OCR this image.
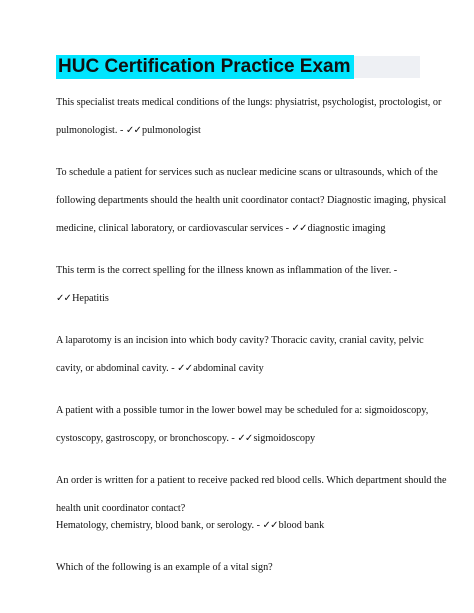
HUC Certification Practice Exam
This specialist treats medical conditions of the lungs: physiatrist, psychologist, proctologist, or
pulmonologist. - ✓✓pulmonologist
To schedule a patient for services such as nuclear medicine scans or ultrasounds, which of the
following departments should the health unit coordinator contact? Diagnostic imaging, physical
medicine, clinical laboratory, or cardiovascular services - ✓✓diagnostic imaging
This term is the correct spelling for the illness known as inflammation of the liver. -
✓✓Hepatitis
A laparotomy is an incision into which body cavity? Thoracic cavity, cranial cavity, pelvic
cavity, or abdominal cavity. - ✓✓abdominal cavity
A patient with a possible tumor in the lower bowel may be scheduled for a: sigmoidoscopy,
cystoscopy, gastroscopy, or bronchoscopy. - ✓✓sigmoidoscopy
An order is written for a patient to receive packed red blood cells. Which department should the
health unit coordinator contact?
Hematology, chemistry, blood bank, or serology. - ✓✓blood bank
Which of the following is an example of a vital sign?
